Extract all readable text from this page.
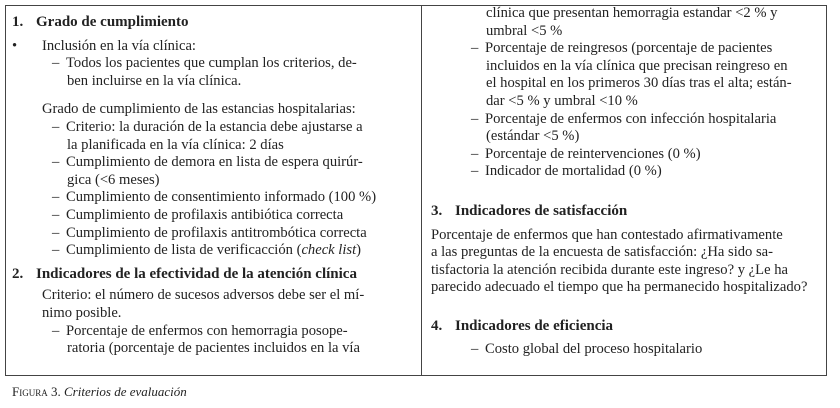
1. Grado de cumplimiento
• Inclusión en la vía clínica:
– Todos los pacientes que cumplan los criterios, de-
ben incluirse en la vía clínica.
Grado de cumplimiento de las estancias hospitalarias:
– Criterio: la duración de la estancia debe ajustarse a
la planificada en la vía clínica: 2 días
– Cumplimiento de demora en lista de espera quirúr-
gica (<6 meses)
– Cumplimiento de consentimiento informado (100 %)
– Cumplimiento de profilaxis antibiótica correcta
– Cumplimiento de profilaxis antitrombótica correcta
– Cumplimiento de lista de verificacción (check list)
2. Indicadores de la efectividad de la atención clínica
Criterio: el número de sucesos adversos debe ser el mí-
nimo posible.
– Porcentaje de enfermos con hemorragia posope-
ratoria (porcentaje de pacientes incluidos en la vía
clínica que presentan hemorragia estandar <2 % y
umbral <5 %
– Porcentaje de reingresos (porcentaje de pacientes
incluidos en la vía clínica que precisan reingreso en
el hospital en los primeros 30 días tras el alta; están-
dar <5 % y umbral <10 %
– Porcentaje de enfermos con infección hospitalaria
(estándar <5 %)
– Porcentaje de reintervenciones (0 %)
– Indicador de mortalidad (0 %)
3. Indicadores de satisfacción
Porcentaje de enfermos que han contestado afirmativamente
a las preguntas de la encuesta de satisfacción: ¿Ha sido sa-
tisfactoria la atención recibida durante este ingreso? y ¿Le ha
parecido adecuado el tiempo que ha permanecido hospitalizado?
4. Indicadores de eficiencia
– Costo global del proceso hospitalario
Figura 3. Criterios de evaluación
